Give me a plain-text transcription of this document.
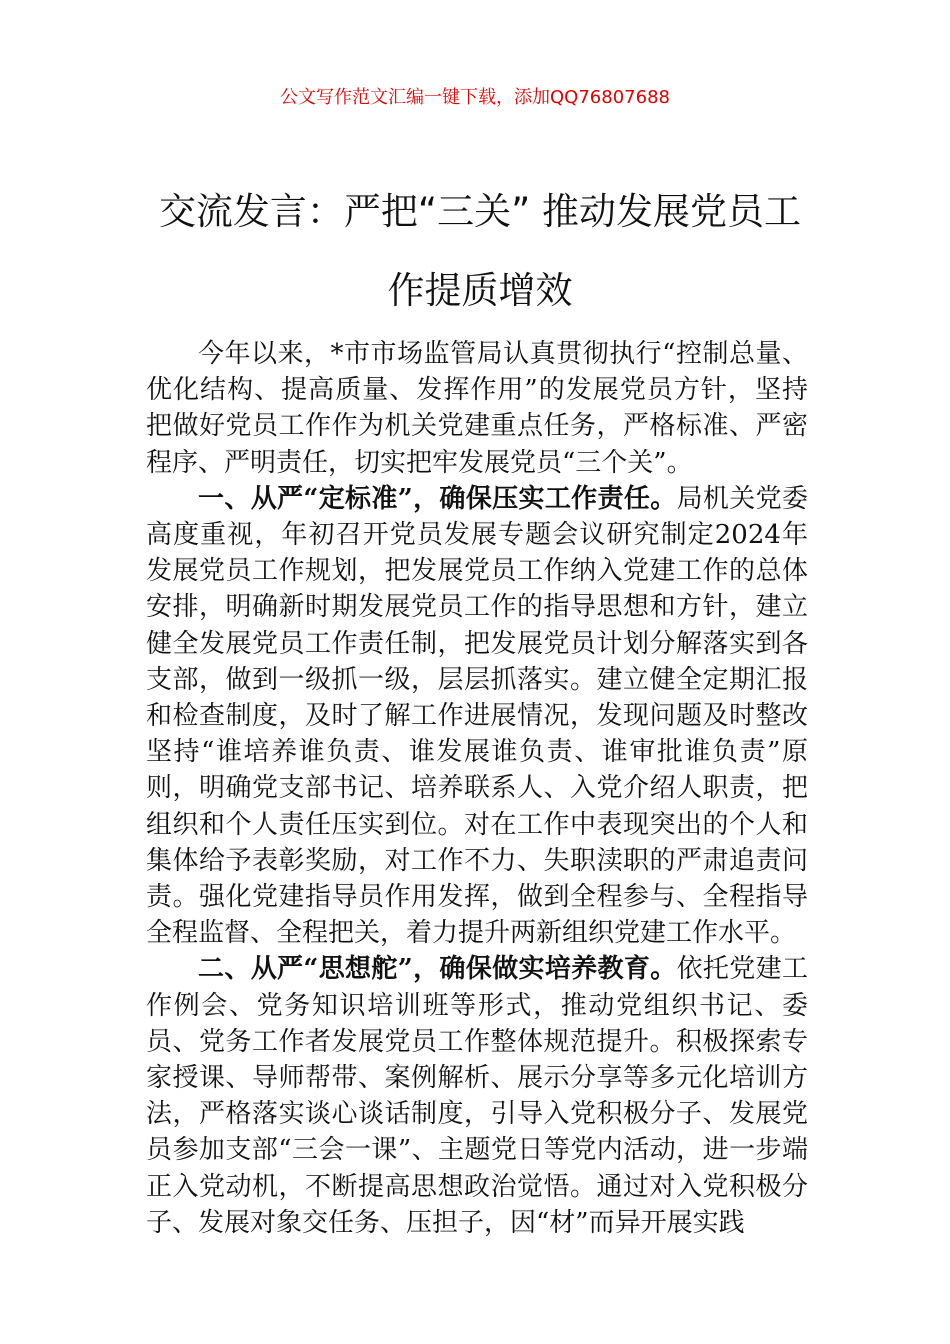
公文写作范文汇编一键下载，添加QQ76807688
交流发言：严把“三关” 推动发展党员工作提质增效

今年以来，*市市场监管局认真贯彻执行“控制总量、优化结构、提高质量、发挥作用”的发展党员方针，坚持把做好党员工作作为机关党建重点任务，严格标准、严密程序、严明责任，切实把牢发展党员“三个关”。

一、从严“定标准”，确保压实工作责任。局机关党委高度重视，年初召开党员发展专题会议研究制定2024年发展党员工作规划，把发展党员工作纳入党建工作的总体安排，明确新时期发展党员工作的指导思想和方针，建立健全发展党员工作责任制，把发展党员计划分解落实到各支部，做到一级抓一级，层层抓落实。建立健全定期汇报和检查制度，及时了解工作进展情况，发现问题及时整改坚持“谁培养谁负责、谁发展谁负责、谁审批谁负责”原则，明确党支部书记、培养联系人、入党介绍人职责，把组织和个人责任压实到位。对在工作中表现突出的个人和集体给予表彰奖励，对工作不力、失职渎职的严肃追责问责。强化党建指导员作用发挥，做到全程参与、全程指导全程监督、全程把关，着力提升两新组织党建工作水平。

二、从严“思想舵”，确保做实培养教育。依托党建工作例会、党务知识培训班等形式，推动党组织书记、委员、党务工作者发展党员工作整体规范提升。积极探索专家授课、导师帮带、案例解析、展示分享等多元化培训方法，严格落实谈心谈话制度，引导入党积极分子、发展党员参加支部“三会一课”、主题党日等党内活动，进一步端正入党动机，不断提高思想政治觉悟。通过对入党积极分子、发展对象交任务、压担子，因“材”而异开展实践
